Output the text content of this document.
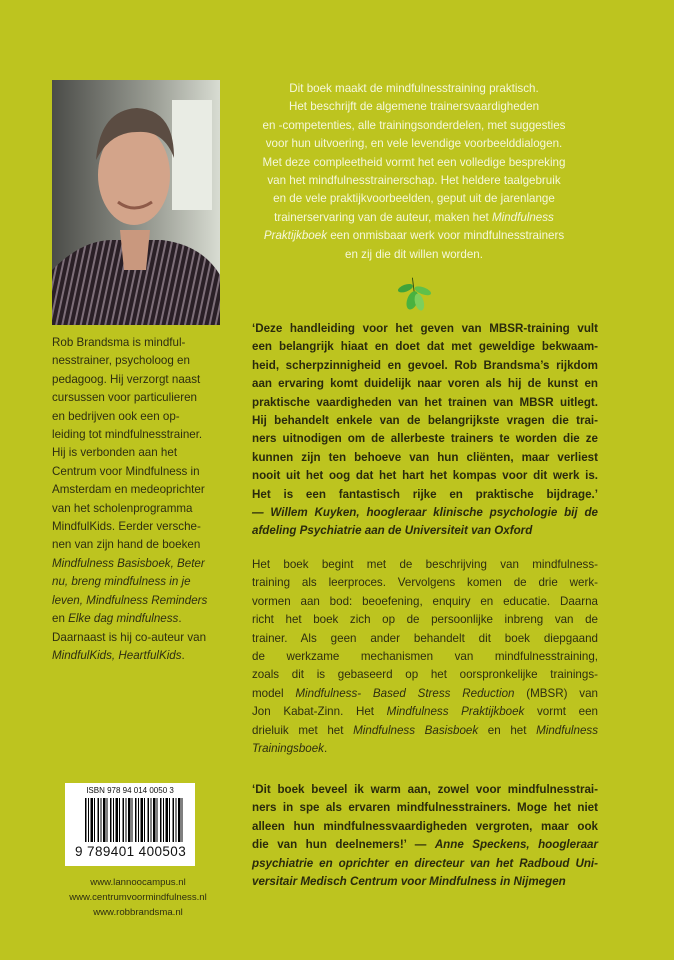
Rob Brandsma is mindful-
nesstrainer, psycholoog en
pedagoog. Hij verzorgt naast
cursussen voor particulieren
en bedrijven ook een op-
leiding tot mindfulnesstrainer.
Hij is verbonden aan het
Centrum voor Mindfulness in
Amsterdam en medeoprichter
van het scholenprogramma
MindfulKids. Eerder versche-
nen van zijn hand de boeken
Mindfulness Basisboek, Beter
nu, breng mindfulness in je
leven, Mindfulness Reminders
en Elke dag mindfulness.
Daarnaast is hij co-auteur van
MindfulKids, HeartfulKids.
Dit boek maakt de mindfulnesstraining praktisch.
Het beschrijft de algemene trainersvaardigheden
en -competenties, alle trainingsonderdelen, met suggesties
voor hun uitvoering, en vele levendige voorbeelddialogen.
Met deze compleetheid vormt het een volledige bespreking
van het mindfulnesstrainerschap. Het heldere taalgebruik
en de vele praktijkvoorbeelden, geput uit de jarenlange
trainerservaring van de auteur, maken het Mindfulness
Praktijkboek een onmisbaar werk voor mindfulnesstrainers
en zij die dit willen worden.
‘Deze handleiding voor het geven van MBSR-training vult
een belangrijk hiaat en doet dat met geweldige bekwaam-
heid, scherpzinnigheid en gevoel. Rob Brandsma’s rijkdom
aan ervaring komt duidelijk naar voren als hij de kunst en
praktische vaardigheden van het trainen van MBSR uitlegt.
Hij behandelt enkele van de belangrijkste vragen die trai-
ners uitnodigen om de allerbeste trainers te worden die ze
kunnen zijn ten behoeve van hun cliënten, maar verliest
nooit uit het oog dat het hart het kompas voor dit werk is.
Het is een fantastisch rijke en praktische bijdrage.’
— Willem Kuyken, hoogleraar klinische psychologie bij de
afdeling Psychiatrie aan de Universiteit van Oxford
Het boek begint met de beschrijving van mindfulness-
training als leerproces. Vervolgens komen de drie werk-
vormen aan bod: beoefening, enquiry en educatie. Daarna
richt het boek zich op de persoonlijke inbreng van de
trainer. Als geen ander behandelt dit boek diepgaand
de werkzame mechanismen van mindfulnesstraining,
zoals dit is gebaseerd op het oorspronkelijke trainings-
model Mindfulness- Based Stress Reduction (MBSR) van
Jon Kabat-Zinn. Het Mindfulness Praktijkboek vormt een
drieluik met het Mindfulness Basisboek en het Mindfulness
Trainingsboek.
‘Dit boek beveel ik warm aan, zowel voor mindfulnesstrai-
ners in spe als ervaren mindfulnesstrainers. Moge het niet
alleen hun mindfulnessvaardigheden vergroten, maar ook
die van hun deelnemers!’ — Anne Speckens, hoogleraar
psychiatrie en oprichter en directeur van het Radboud Uni-
versitair Medisch Centrum voor Mindfulness in Nijmegen
ISBN 978 94 014 0050 3
9 789401 400503
www.lannoocampus.nl
www.centrumvoormindfulness.nl
www.robbrandsma.nl
